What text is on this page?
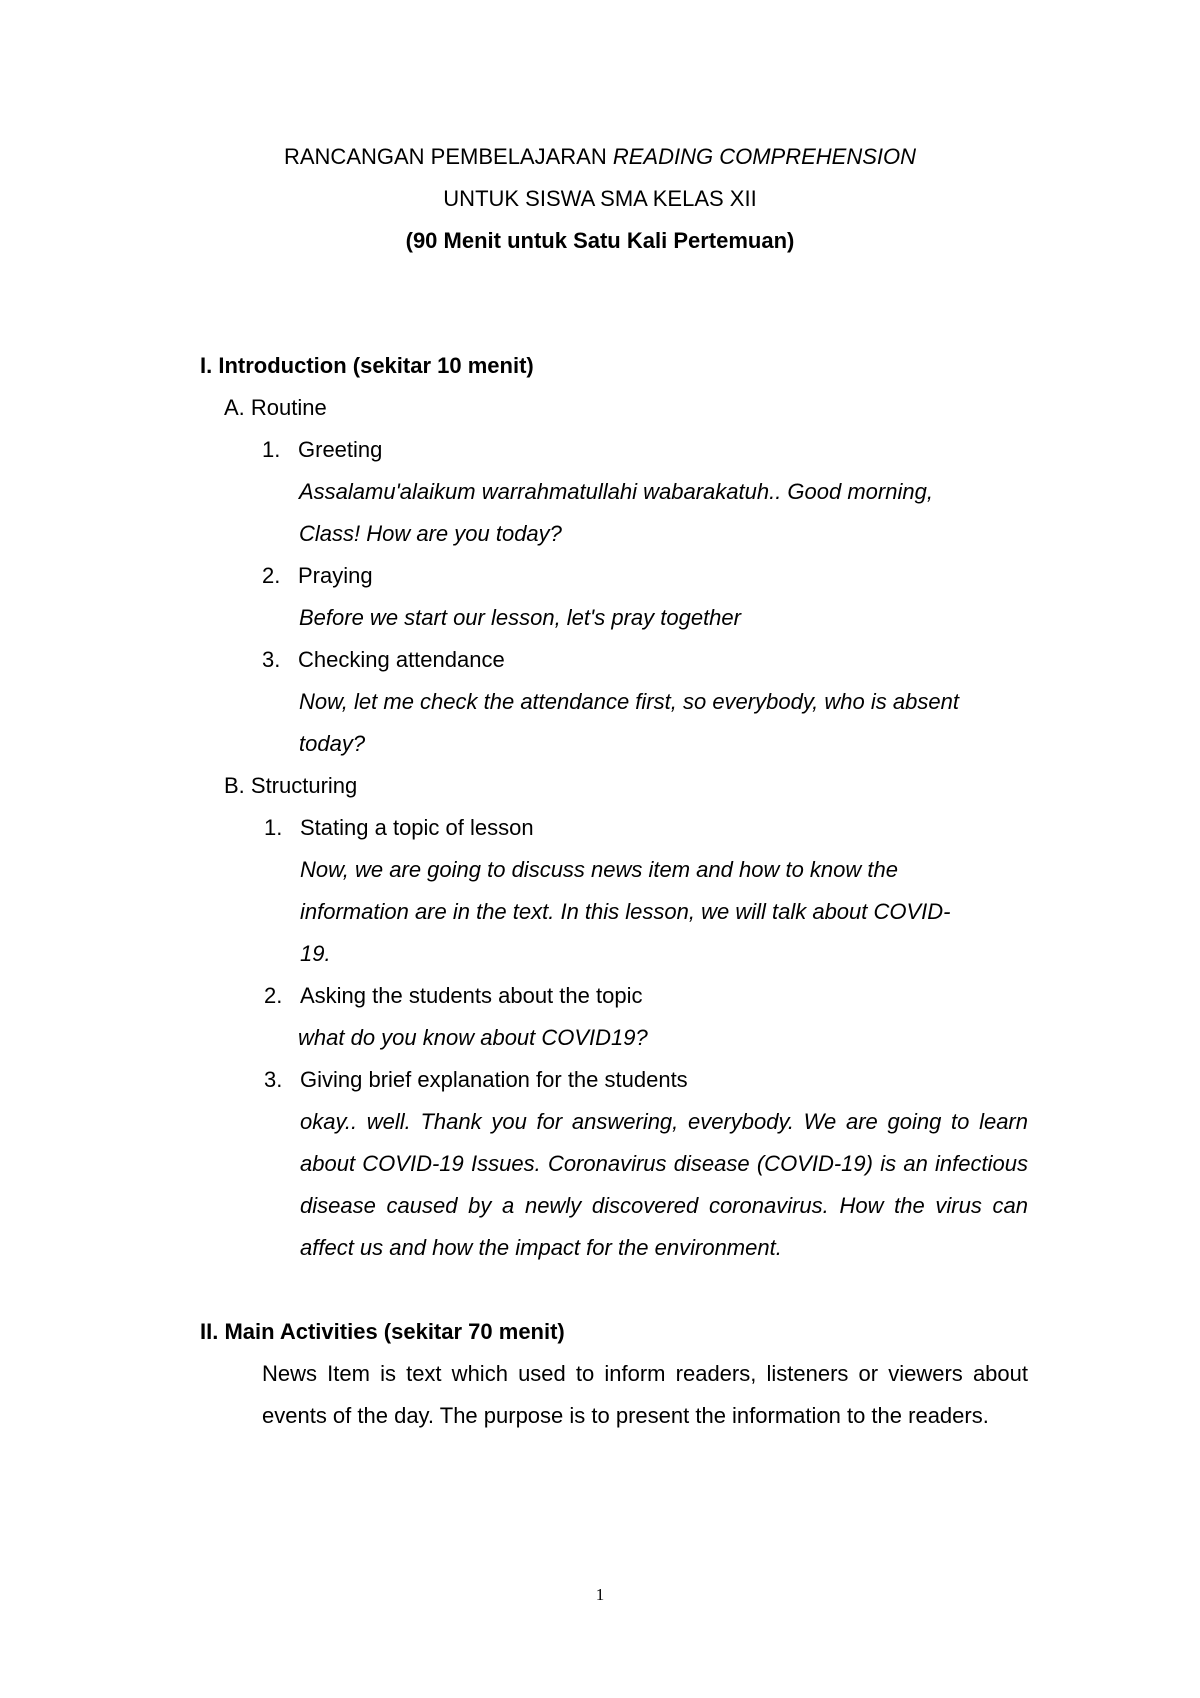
RANCANGAN PEMBELAJARAN READING COMPREHENSION
UNTUK SISWA SMA KELAS XII
(90 Menit untuk Satu Kali Pertemuan)
I. Introduction (sekitar 10 menit)
A. Routine
1. Greeting
Assalamu'alaikum warrahmatullahi wabarakatuh.. Good morning,
Class! How are you today?
2. Praying
Before we start our lesson, let's pray together
3. Checking attendance
Now, let me check the attendance first, so everybody, who is absent
today?
B. Structuring
1. Stating a topic of lesson
Now, we are going to discuss news item and how to know the
information are in the text. In this lesson, we will talk about COVID-
19.
2. Asking the students about the topic
what do you know about COVID19?
3. Giving brief explanation for the students

okay.. well. Thank you for answering, everybody. We are going to learn about COVID-19 Issues. Coronavirus disease (COVID-19) is an infectious disease caused by a newly discovered coronavirus. How the virus can affect us and how the impact for the environment.

II. Main Activities (sekitar 70 menit)

News Item is text which used to inform readers, listeners or viewers about events of the day. The purpose is to present the information to the readers.

1
